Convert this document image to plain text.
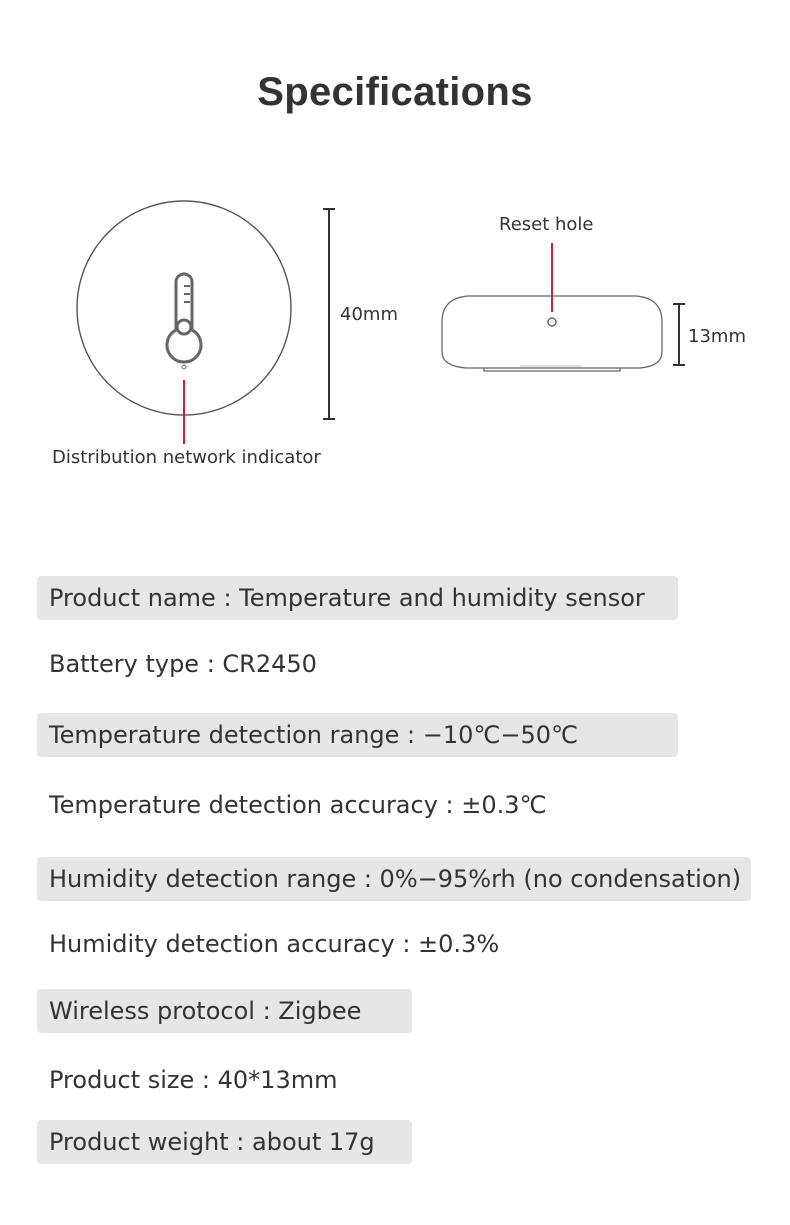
Specifications
40mm
Reset hole
13mm
Distribution network indicator
Product name : Temperature and humidity sensor
Battery type : CR2450
Temperature detection range : −10℃−50℃
Temperature detection accuracy : ±0.3℃
Humidity detection range : 0%−95%rh (no condensation)
Humidity detection accuracy : ±0.3%
Wireless protocol : Zigbee
Product size : 40*13mm
Product weight : about 17g
